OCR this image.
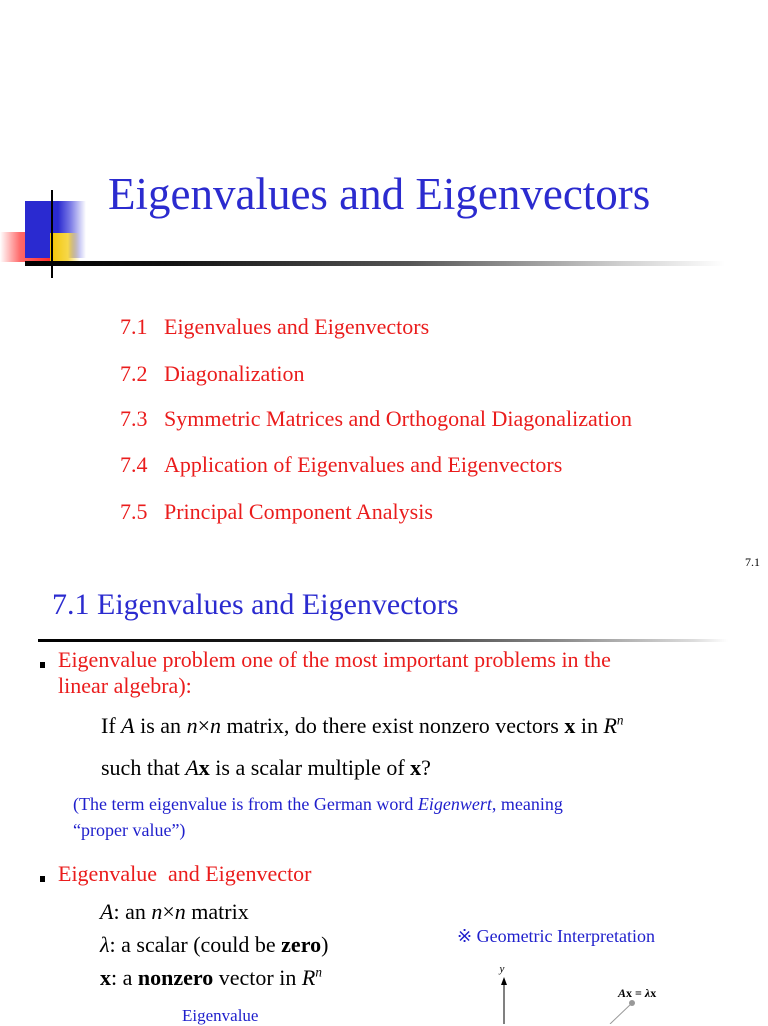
Eigenvalues and Eigenvectors
7.1 Eigenvalues and Eigenvectors
7.2 Diagonalization
7.3 Symmetric Matrices and Orthogonal Diagonalization
7.4 Application of Eigenvalues and Eigenvectors
7.5 Principal Component Analysis
7.1
7.1 Eigenvalues and Eigenvectors
Eigenvalue problem one of the most important problems in the
linear algebra):
If A is an n×n matrix, do there exist nonzero vectors x in $R^n$
such that Ax is a scalar multiple of x?
(The term eigenvalue is from the German word Eigenwert, meaning
“proper value”)
Eigenvalue  and Eigenvector
A: an n×n matrix
λ: a scalar (could be zero)
x: a nonzero vector in $R^n$
Eigenvalue
※ Geometric Interpretation
y
Ax = λx
